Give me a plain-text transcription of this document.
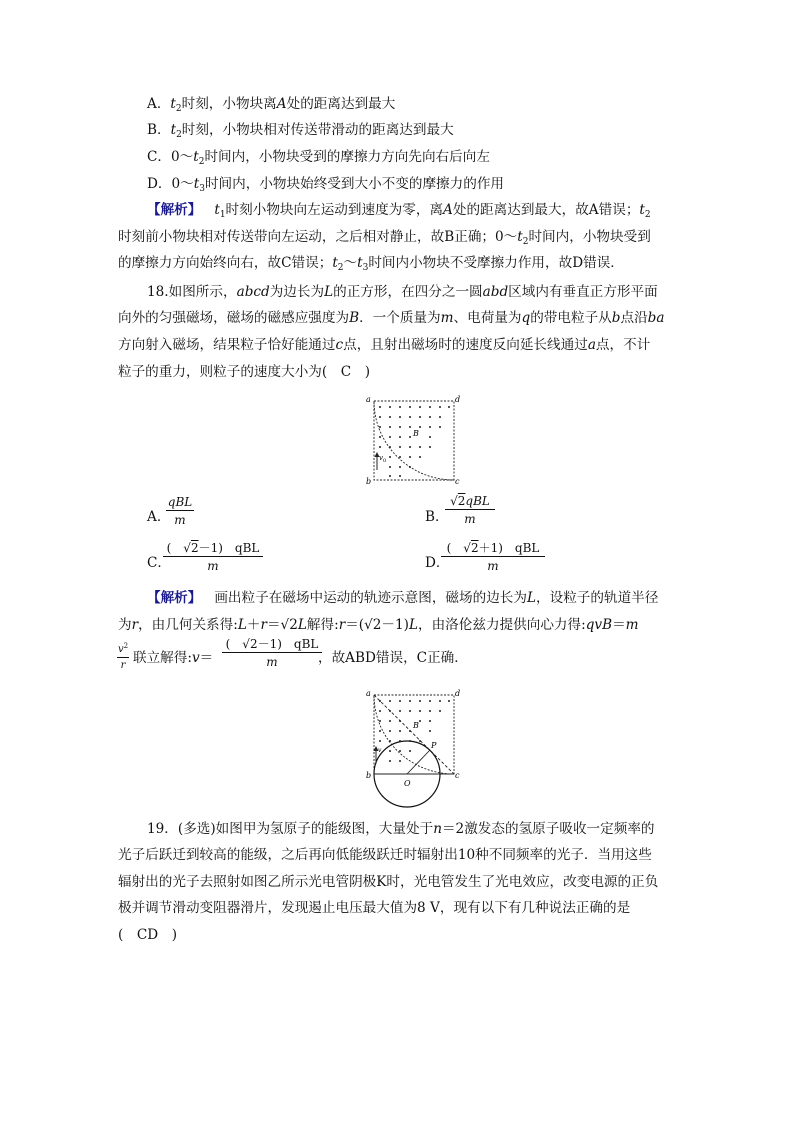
A．$t_2$时刻，小物块离A处的距离达到最大
B．$t_2$时刻，小物块相对传送带滑动的距离达到最大
C．$0\sim t_2$时间内，小物块受到的摩擦力方向先向右后向左
D．$0\sim t_3$时间内，小物块始终受到大小不变的摩擦力的作用
【解析】 $t_1$时刻小物块向左运动到速度为零，离A处的距离达到最大，故A错误；$t_2$
时刻前小物块相对传送带向左运动，之后相对静止，故B正确；$0\sim t_2$时间内，小物块受到
的摩擦力方向始终向右，故C错误；$t_2\sim t_3$时间内小物块不受摩擦力作用，故D错误．
18.如图所示，abcd为边长为L的正方形，在四分之一圆abd区域内有垂直正方形平面
向外的匀强磁场，磁场的磁感应强度为B．一个质量为m、电荷量为q的带电粒子从b点沿ba
方向射入磁场，结果粒子恰好能通过c点，且射出磁场时的速度反向延长线通过a点，不计
粒子的重力，则粒子的速度大小为(　C　)
v 0
a	d
b	c
B
A．
qBL
m	B．
√2qBL
m
C．
(　√2－1)　qBL
m	D．
(　√2＋1)　qBL
m
【解析】 画出粒子在磁场中运动的轨迹示意图，磁场的边长为L，设粒子的轨道半径
为r，由几何关系得:L＋r＝√2L解得:r＝(√2－1)L，由洛伦兹力提供向心力得:qvB＝m
$v^2$
r 联立解得:v＝
(　√2－1)　qBL
m	，故ABD错误，C正确．
v
a	d
b	c
B
P
O
19．(多选)如图甲为氢原子的能级图，大量处于n＝2激发态的氢原子吸收一定频率的
光子后跃迁到较高的能级，之后再向低能级跃迁时辐射出10种不同频率的光子．当用这些
辐射出的光子去照射如图乙所示光电管阴极K时，光电管发生了光电效应，改变电源的正负
极并调节滑动变阻器滑片，发现遏止电压最大值为8 V，现有以下有几种说法正确的是
(　CD　)
